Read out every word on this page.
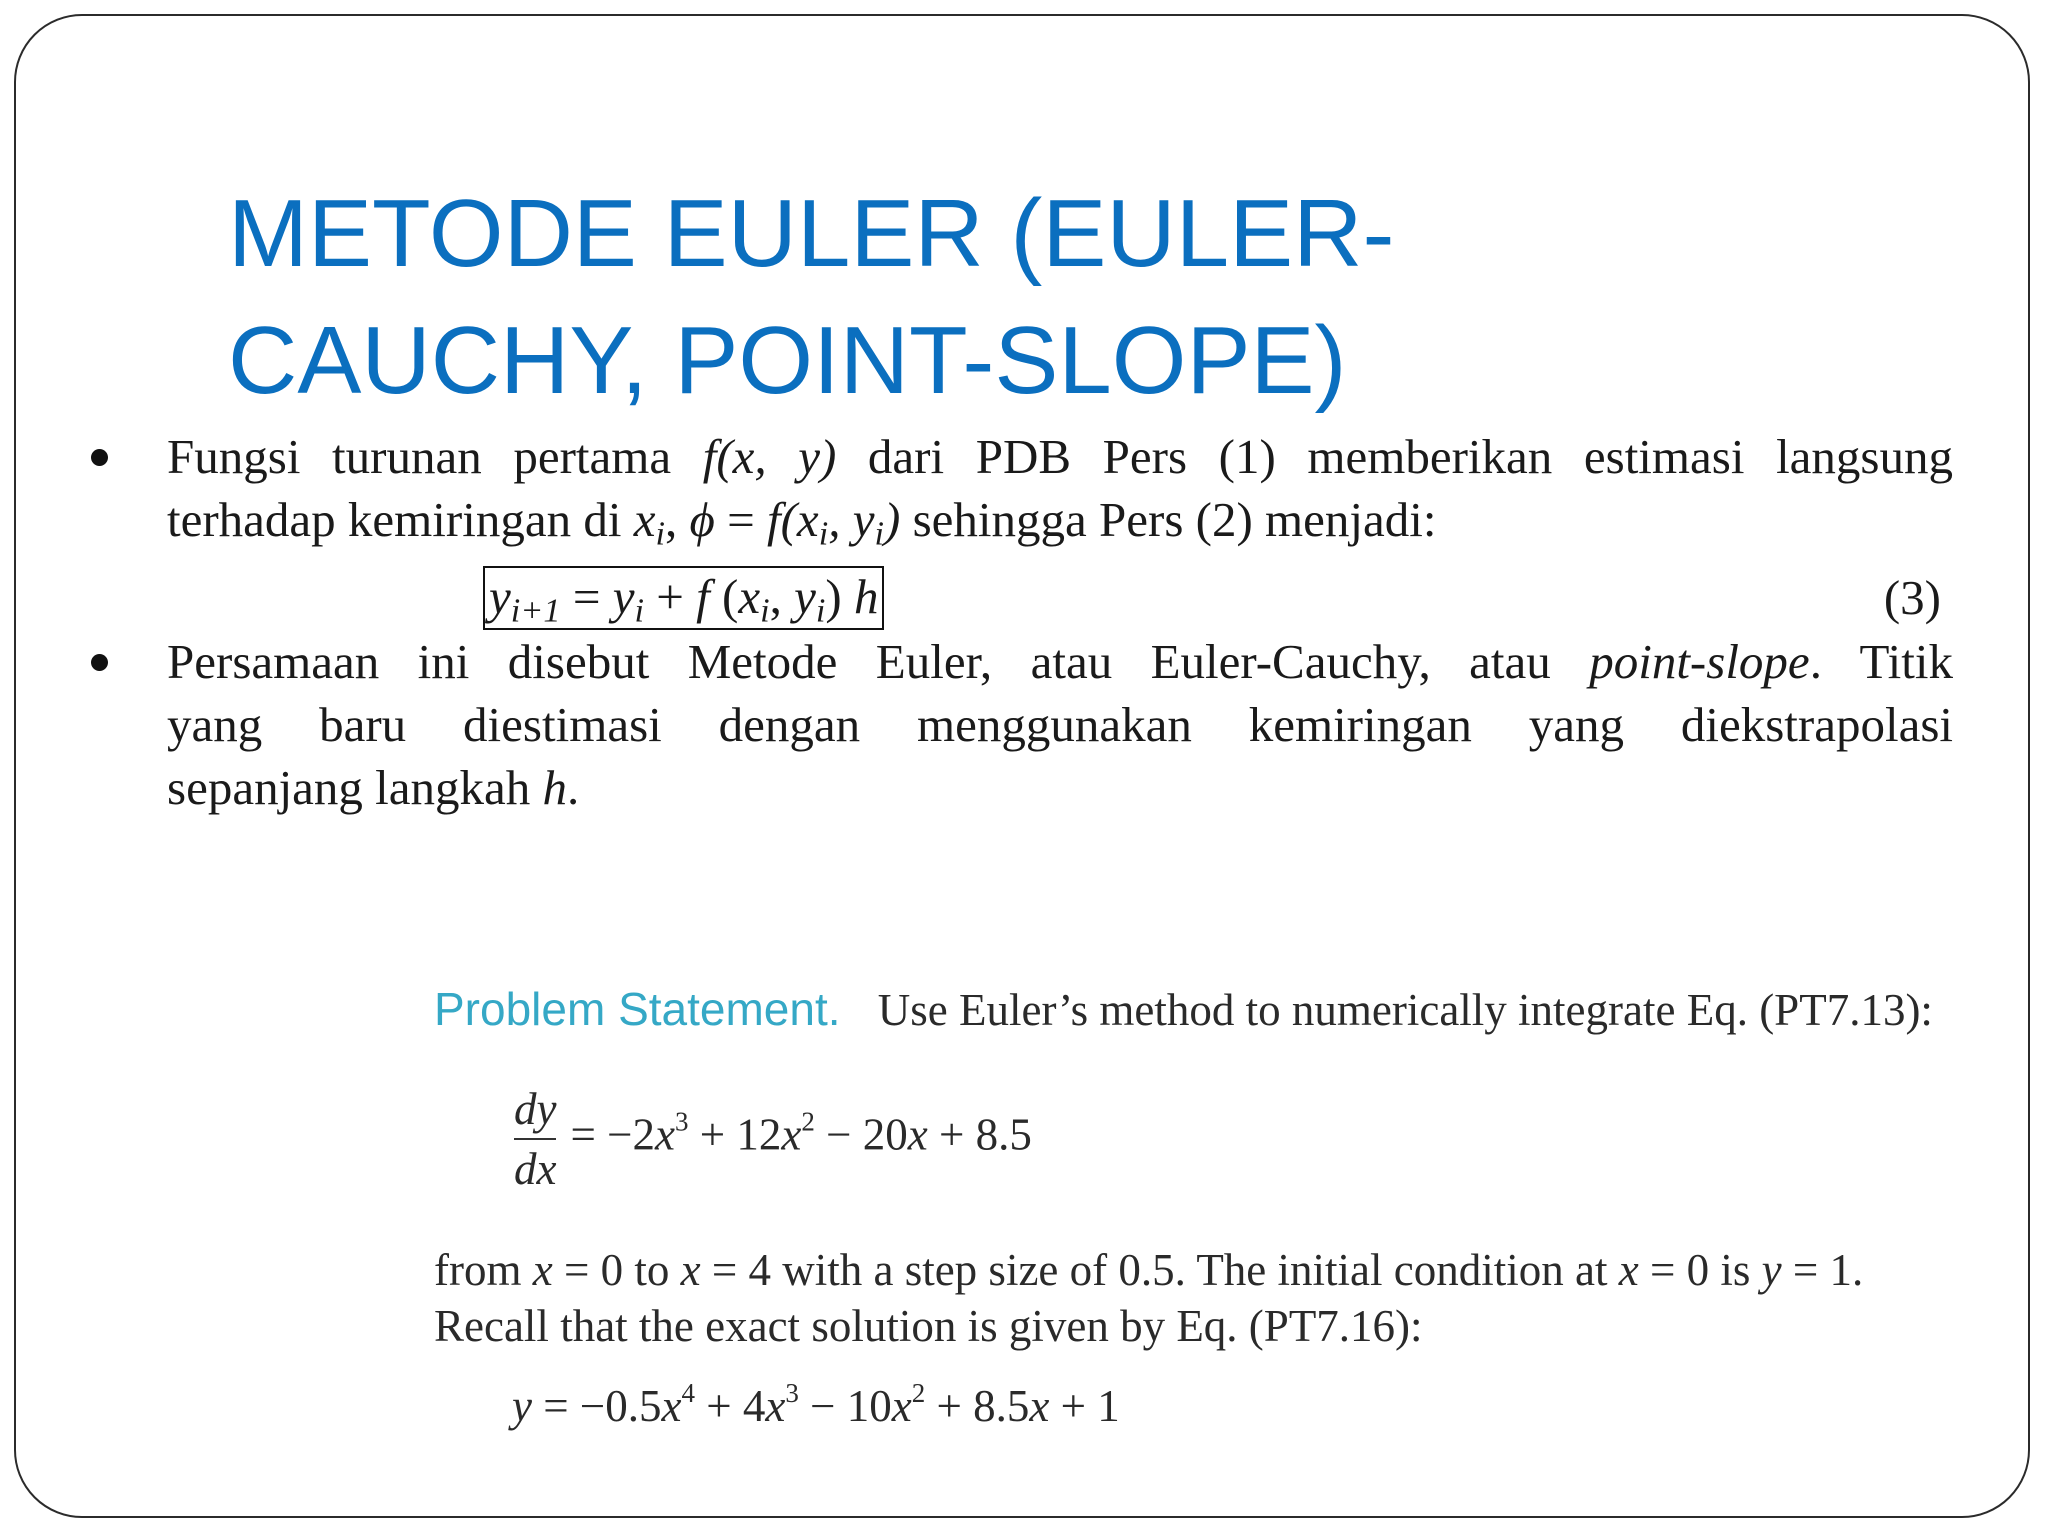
METODE EULER (EULER-
CAUCHY, POINT-SLOPE)
Fungsi turunan pertama f(x, y) dari PDB Pers (1) memberikan estimasi langsung
terhadap kemiringan di $x_i$, $\phi = f(x_i$, $y_i$) sehingga Pers (2) menjadi:
$y_{i+1} = y_i + f$ ($x_i$, $y_i$) h	(3)
Persamaan ini disebut Metode Euler, atau Euler-Cauchy, atau point-slope. Titik
yang baru diestimasi dengan menggunakan kemiringan yang diekstrapolasi
sepanjang langkah h.
Problem Statement. Use Euler’s method to numerically integrate Eq. (PT7.13):
$\frac{dy}{dx} = -2x^3 + 12x^2 - 20x + 8.5$
from x = 0 to x = 4 with a step size of 0.5. The initial condition at x = 0 is y = 1.
Recall that the exact solution is given by Eq. (PT7.16):
$y = -0.5x^4 + 4x^3 - 10x^2 + 8.5x + 1$
